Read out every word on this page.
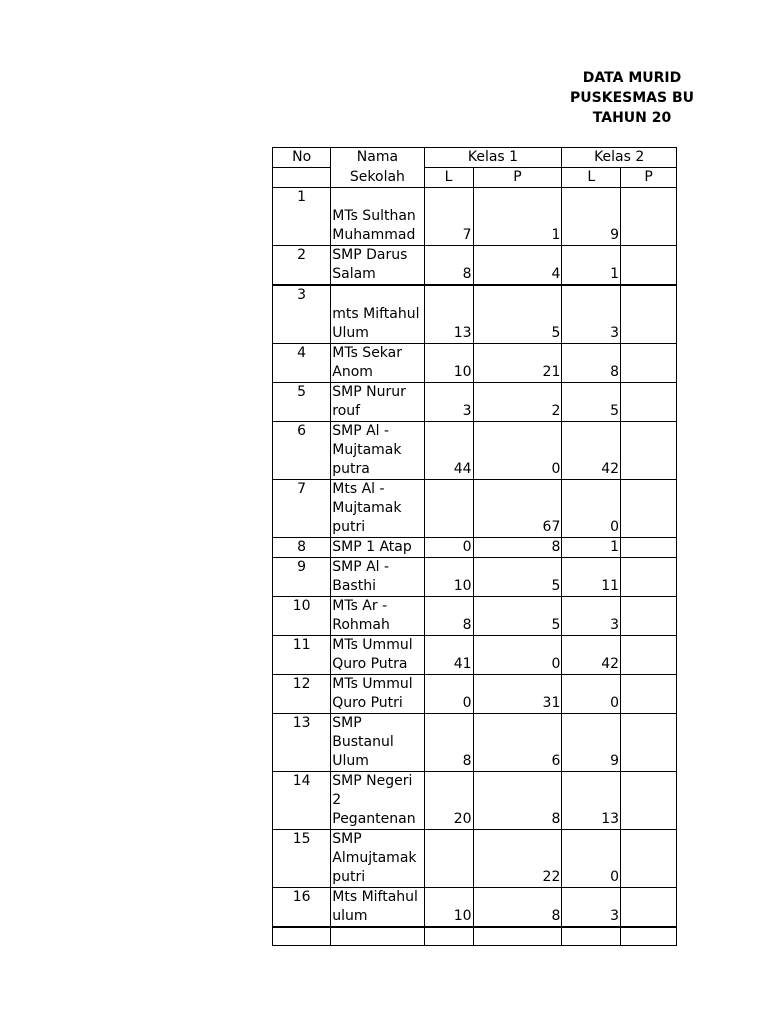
DATA MURID
PUSKESMAS BU
TAHUN 20
No	Nama	Kelas 1		Kelas 2	
	Sekolah	L	P	L	P
1	MTs Sulthan Muhammad	7	1	9	
2	SMP Darus Salam	8	4	1	
3	mts Miftahul Ulum	13	5	3	
4	MTs Sekar Anom	10	21	8	
5	SMP Nurur rouf	3	2	5	
6	SMP Al - Mujtamak putra	44	0	42	
7	Mts Al - Mujtamak putri		67	0	
8	SMP 1 Atap	0	8	1	
9	SMP Al - Basthi	10	5	11	
10	MTs Ar - Rohmah	8	5	3	
11	MTs Ummul Quro Putra	41	0	42	
12	MTs Ummul Quro Putri	0	31	0	
13	SMP Bustanul Ulum	8	6	9	
14	SMP Negeri 2 Pegantenan	20	8	13	
15	SMP Almujtamak putri		22	0	
16	Mts Miftahul ulum	10	8	3	
